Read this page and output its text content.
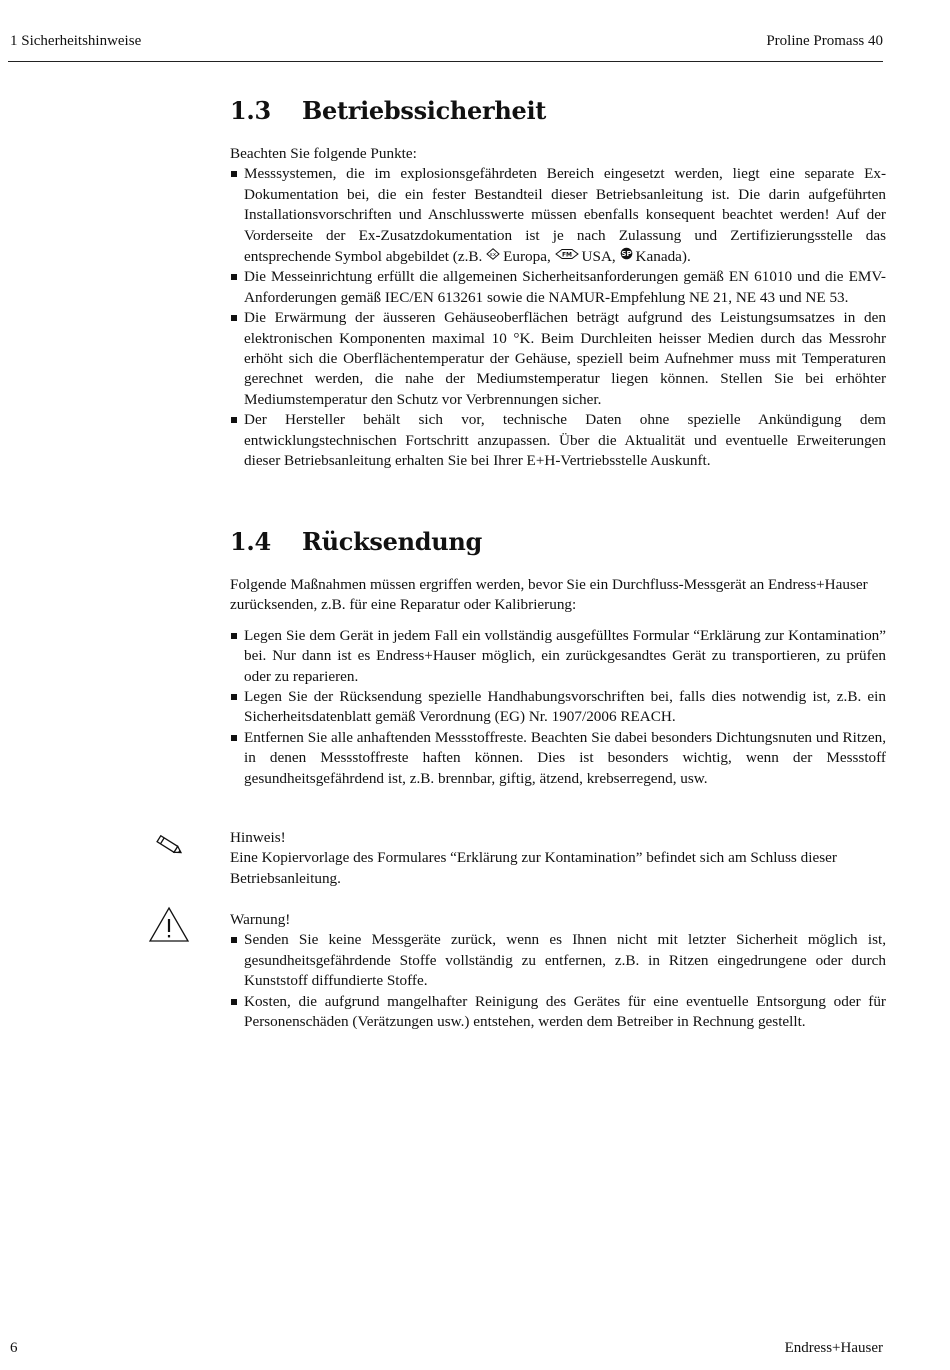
1 Sicherheitshinweise	Proline Promass 40
1.3 Betriebssicherheit

Beachten Sie folgende Punkte:

Messsystemen, die im explosionsgefährdeten Bereich eingesetzt werden, liegt eine separate Ex-Dokumentation bei, die ein fester Bestandteil dieser Betriebsanleitung ist. Die darin aufgeführten Installationsvorschriften und Anschlusswerte müssen ebenfalls konsequent beachtet werden! Auf der Vorderseite der Ex-Zusatzdokumentation ist je nach Zulassung und Zertifizierungsstelle das entsprechende Symbol abgebildet (z.B. εx Europa, FM USA, SP Kanada).
Die Messeinrichtung erfüllt die allgemeinen Sicherheitsanforderungen gemäß EN 61010 und die EMV-Anforderungen gemäß IEC/EN 613261 sowie die NAMUR-Empfehlung NE 21, NE 43 und NE 53.
Die Erwärmung der äusseren Gehäuseoberflächen beträgt aufgrund des Leistungsumsatzes in den elektronischen Komponenten maximal 10 °K. Beim Durchleiten heisser Medien durch das Messrohr erhöht sich die Oberflächentemperatur der Gehäuse, speziell beim Aufnehmer muss mit Temperaturen gerechnet werden, die nahe der Mediumstemperatur liegen können. Stellen Sie bei erhöhter Mediumstemperatur den Schutz vor Verbrennungen sicher.
Der Hersteller behält sich vor, technische Daten ohne spezielle Ankündigung dem entwicklungstechnischen Fortschritt anzupassen. Über die Aktualität und eventuelle Erweiterungen dieser Betriebsanleitung erhalten Sie bei Ihrer E+H-Vertriebsstelle Auskunft.
1.4 Rücksendung

Folgende Maßnahmen müssen ergriffen werden, bevor Sie ein Durchfluss-Messgerät an Endress+Hauser zurücksenden, z.B. für eine Reparatur oder Kalibrierung:

Legen Sie dem Gerät in jedem Fall ein vollständig ausgefülltes Formular “Erklärung zur Kontamination” bei. Nur dann ist es Endress+Hauser möglich, ein zurückgesandtes Gerät zu transportieren, zu prüfen oder zu reparieren.
Legen Sie der Rücksendung spezielle Handhabungsvorschriften bei, falls dies notwendig ist, z.B. ein Sicherheitsdatenblatt gemäß Verordnung (EG) Nr. 1907/2006 REACH.
Entfernen Sie alle anhaftenden Messstoffreste. Beachten Sie dabei besonders Dichtungsnuten und Ritzen, in denen Messstoffreste haften können. Dies ist besonders wichtig, wenn der Messstoff gesundheitsgefährdend ist, z.B. brennbar, giftig, ätzend, krebserregend, usw.

Hinweis!

Eine Kopiervorlage des Formulares “Erklärung zur Kontamination” befindet sich am Schluss dieser Betriebsanleitung.

Warnung!

Senden Sie keine Messgeräte zurück, wenn es Ihnen nicht mit letzter Sicherheit möglich ist, gesundheitsgefährdende Stoffe vollständig zu entfernen, z.B. in Ritzen eingedrungene oder durch Kunststoff diffundierte Stoffe.
Kosten, die aufgrund mangelhafter Reinigung des Gerätes für eine eventuelle Entsorgung oder für Personenschäden (Verätzungen usw.) entstehen, werden dem Betreiber in Rechnung gestellt.
6	Endress+Hauser
